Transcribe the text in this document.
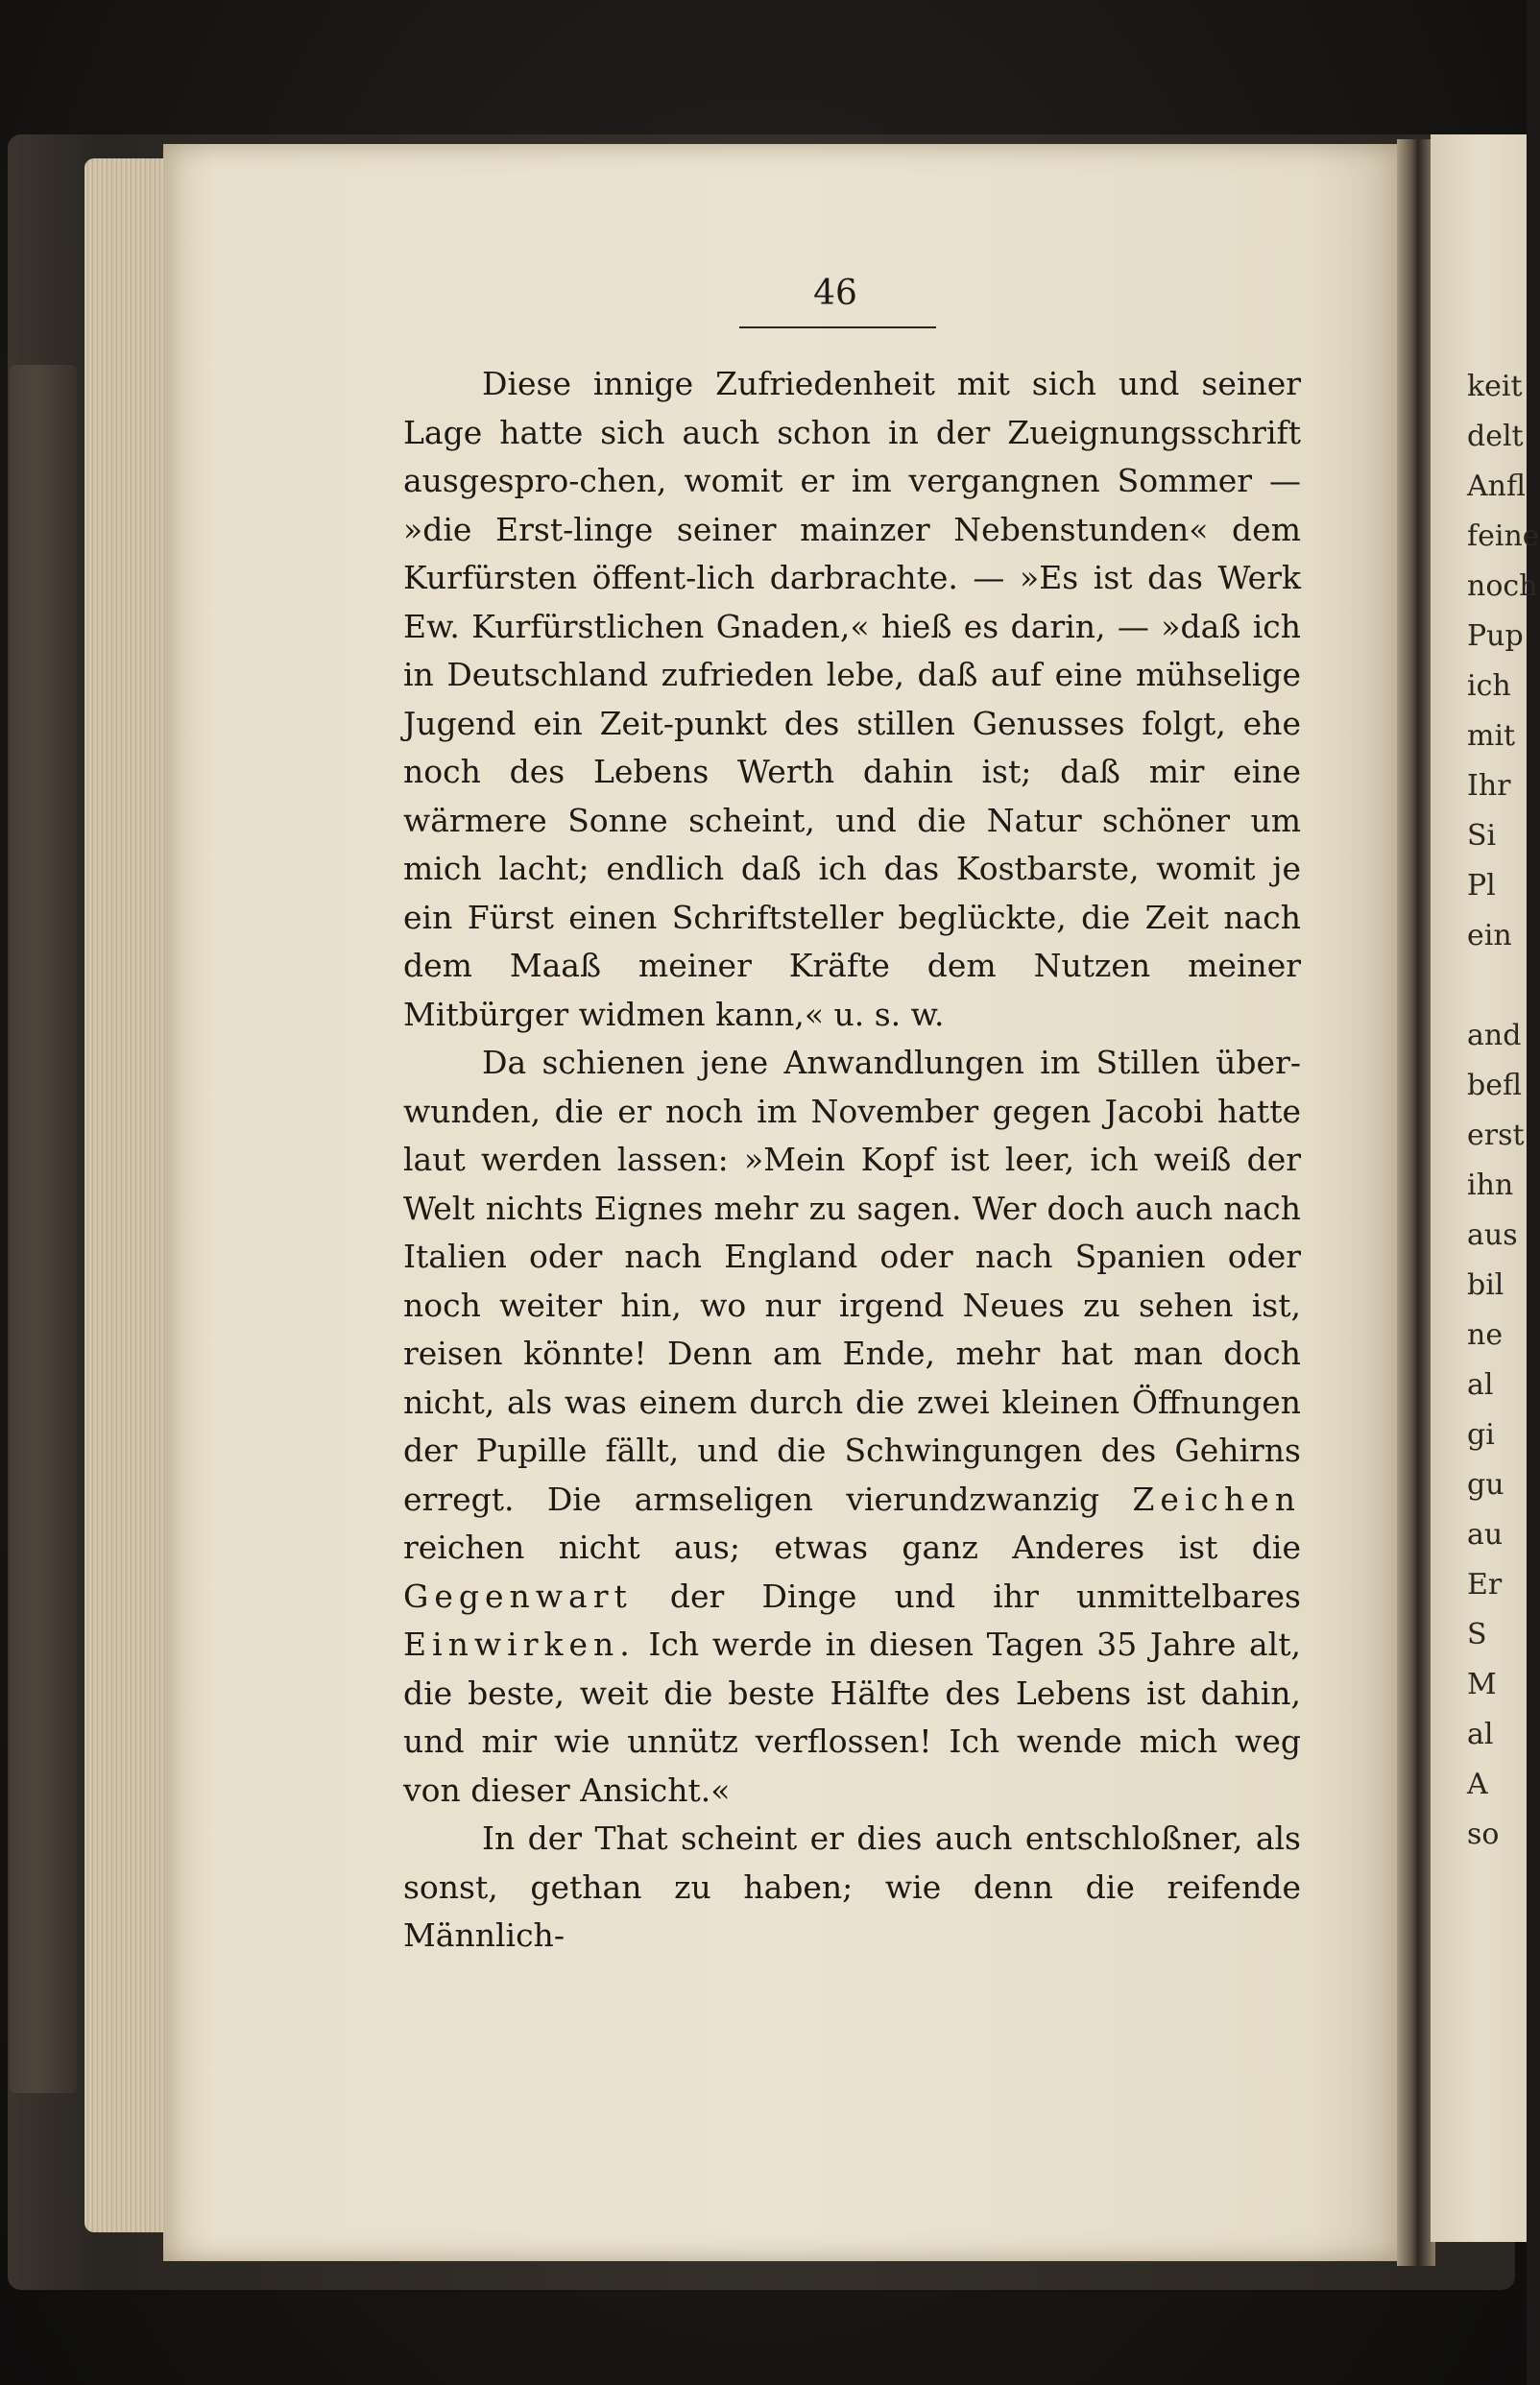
keit
delt
Anfl
feine
noch
Pup
ich
mit
Ihr
Si
Pl
ein
and
befl
erst
ihn
aus
bil
ne
al
gi
gu
au
Er
S
M
al
A
so
46

Diese innige Zufriedenheit mit sich und seiner Lage hatte sich auch schon in der Zueignungsschrift ausgespro-chen, womit er im vergangnen Sommer — »die Erst-linge seiner mainzer Nebenstunden« dem Kurfürsten öffent-lich darbrachte. — »Es ist das Werk Ew. Kurfürstlichen Gnaden,« hieß es darin, — »daß ich in Deutschland zufrieden lebe, daß auf eine mühselige Jugend ein Zeit-punkt des stillen Genusses folgt, ehe noch des Lebens Werth dahin ist; daß mir eine wärmere Sonne scheint, und die Natur schöner um mich lacht; endlich daß ich das Kostbarste, womit je ein Fürst einen Schriftsteller beglückte, die Zeit nach dem Maaß meiner Kräfte dem Nutzen meiner Mitbürger widmen kann,« u. s. w.

Da schienen jene Anwandlungen im Stillen über-wunden, die er noch im November gegen Jacobi hatte laut werden lassen: »Mein Kopf ist leer, ich weiß der Welt nichts Eignes mehr zu sagen. Wer doch auch nach Italien oder nach England oder nach Spanien oder noch weiter hin, wo nur irgend Neues zu sehen ist, reisen könnte! Denn am Ende, mehr hat man doch nicht, als was einem durch die zwei kleinen Öffnungen der Pupille fällt, und die Schwingungen des Gehirns erregt. Die armseligen vierundzwanzig Zeichen reichen nicht aus; etwas ganz Anderes ist die Gegenwart der Dinge und ihr unmittelbares Einwirken. Ich werde in diesen Tagen 35 Jahre alt, die beste, weit die beste Hälfte des Lebens ist dahin, und mir wie unnütz verflossen! Ich wende mich weg von dieser Ansicht.«

In der That scheint er dies auch entschloßner, als sonst, gethan zu haben; wie denn die reifende Männlich-
